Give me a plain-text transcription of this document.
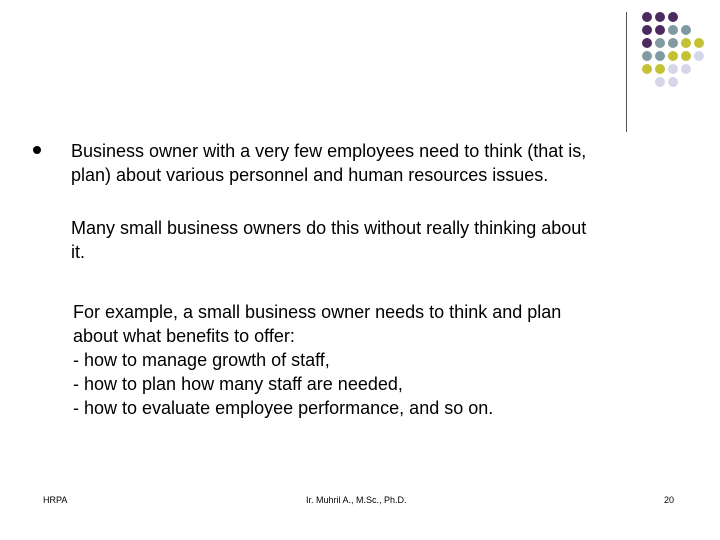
Business owner with a very few employees need to think (that is,
plan) about various personnel and human resources issues.

Many small business owners do this without really thinking about
it.

For example, a small business owner needs to think and plan
about what benefits to offer:
- how to manage growth of staff,
- how to plan how many staff are needed,
- how to evaluate employee performance, and so on.

HRPA	Ir. Muhril A., M.Sc., Ph.D.	20
